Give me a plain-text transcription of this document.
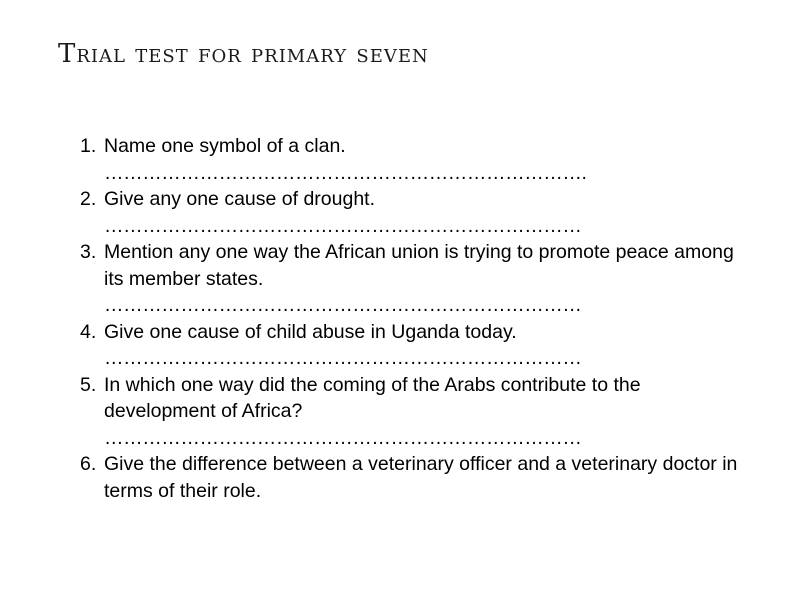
Trial test for primary seven
1. Name one symbol of a clan.
………………………………………………………………….
2. Give any one cause of drought.
…………………………………………………………………
3. Mention any one way the African union is trying to promote peace among its member states.
…………………………………………………………………
4. Give one cause of child abuse in Uganda today.
…………………………………………………………………
5. In which one way did the coming of the Arabs contribute to the development of Africa?
…………………………………………………………………
6. Give the difference between a veterinary officer and a veterinary doctor in terms of their role.
